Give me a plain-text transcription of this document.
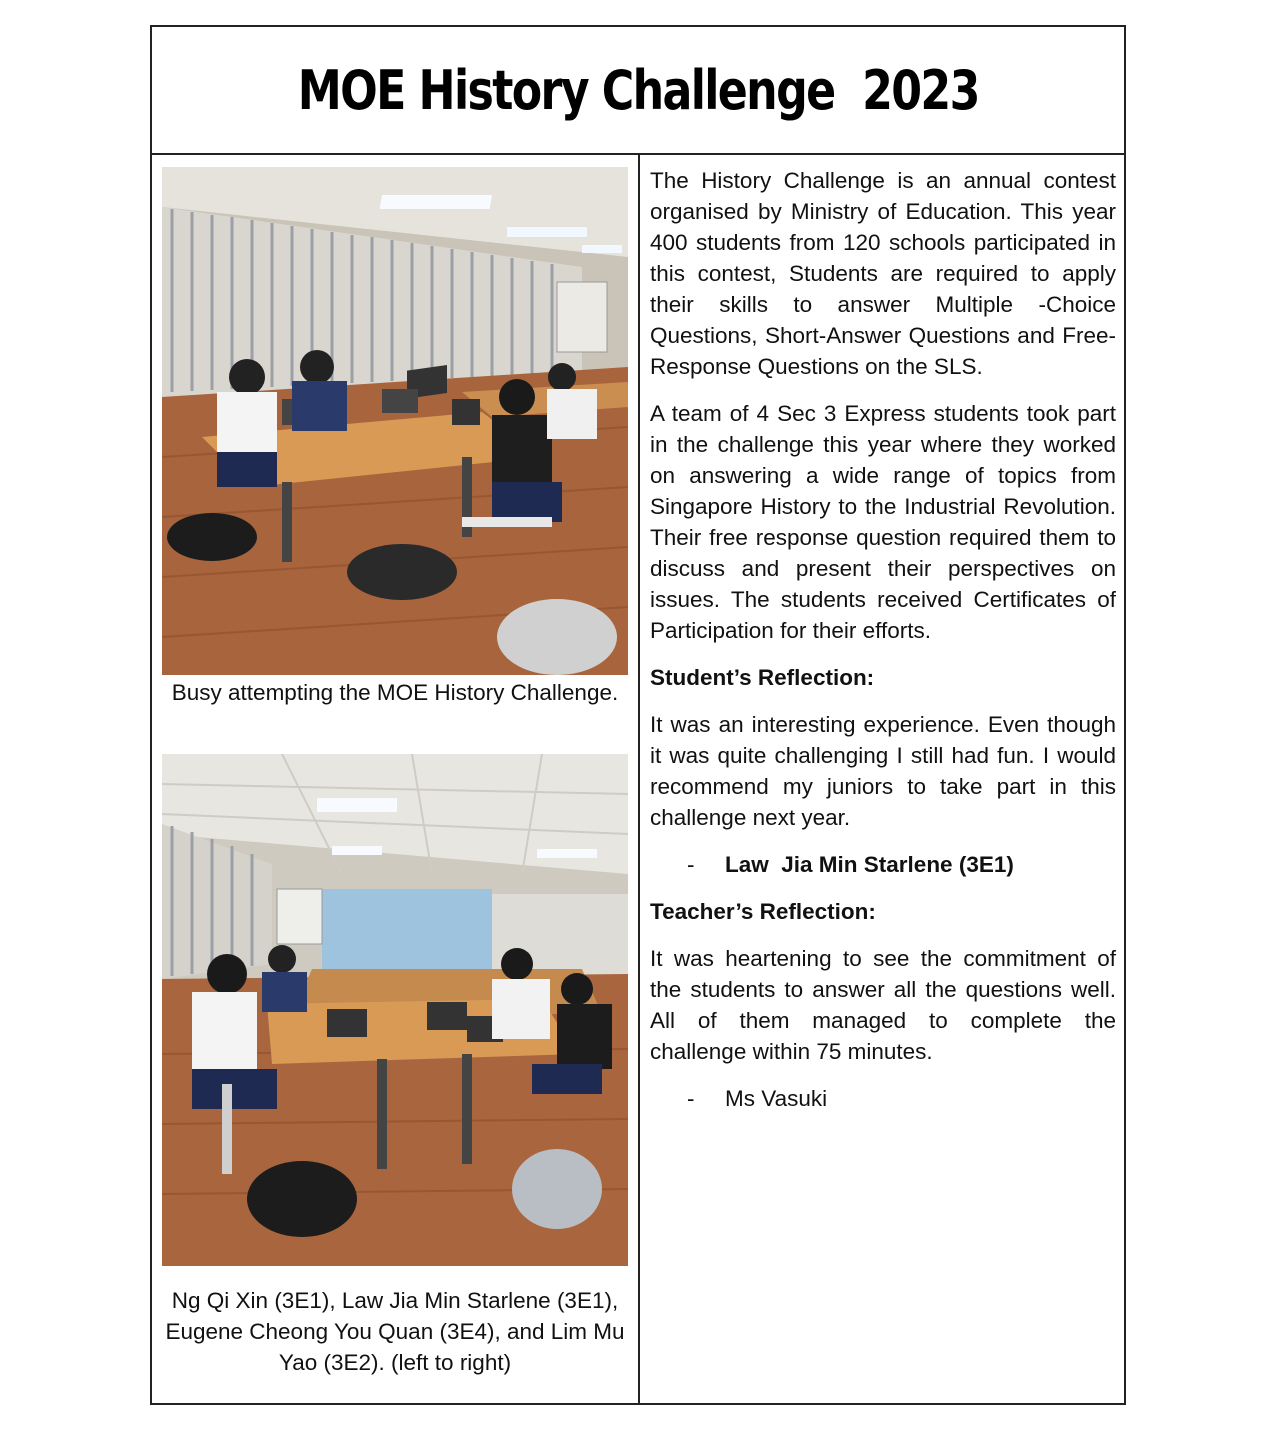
MOE History Challenge  2023

Busy attempting the MOE History Challenge.

Ng Qi Xin (3E1), Law Jia Min Starlene (3E1), Eugene Cheong You Quan (3E4), and Lim Mu Yao (3E2). (left to right)

The History Challenge is an annual contest organised by Ministry of Education. This year 400 students from 120 schools participated in this contest, Students are required to apply their skills to answer Multiple -Choice Questions, Short-Answer Questions and Free-Response Questions on the SLS.

A team of 4 Sec 3 Express students took part in the challenge this year where they worked on answering a wide range of topics from Singapore History to the Industrial Revolution. Their free response question required them to discuss and present their perspectives on issues. The students received Certificates of Participation for their efforts.

Student’s Reflection:

It was an interesting experience. Even though it was quite challenging I still had fun. I would recommend my juniors to take part in this challenge next year.

-	Law  Jia Min Starlene (3E1)

Teacher’s Reflection:

It was heartening to see the commitment of the students to answer all the questions well. All of them managed to complete the challenge within 75 minutes.

-	Ms Vasuki
